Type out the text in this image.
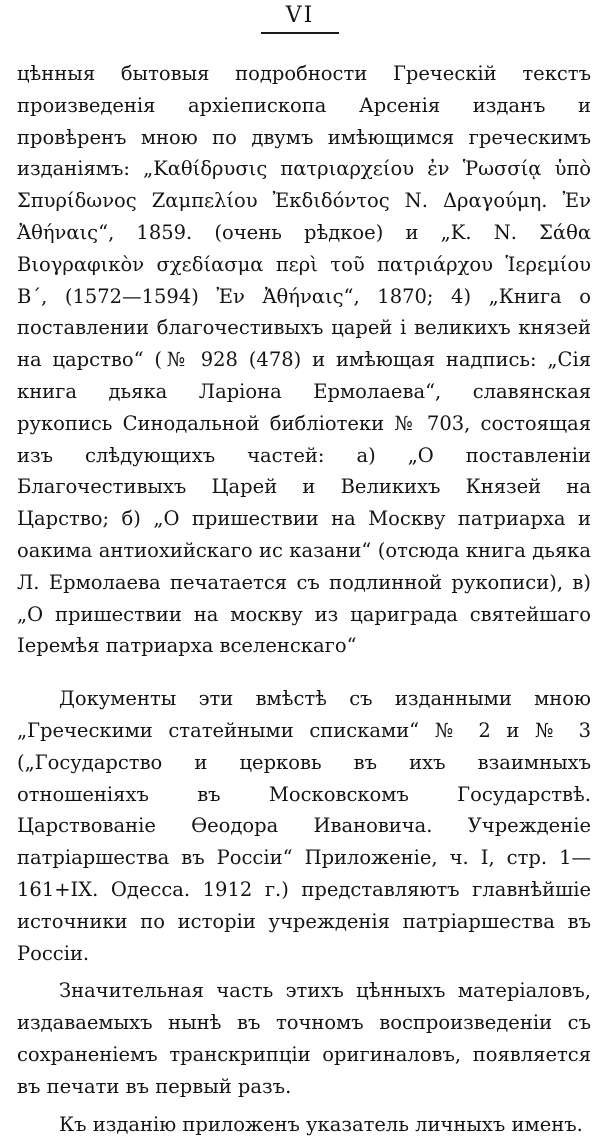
VI

цѣнныя бытовыя подробности Греческій текстъ произведенія архіепископа Арсенія изданъ и провѣренъ мною по двумъ имѣющимся греческимъ изданіямъ: „Καθίδρυσις πατριαρχείου ἐν Ῥωσσίᾳ ὑπὸ Σπυρίδωνος Ζαμπελίου Ἐκδιδόντος Ν. Δραγούμη. Ἐν Ἀθήναις“, 1859. (очень рѣдкое) и „Κ. Ν. Σάθα Βιογραφικὸν σχεδίασμα περὶ τοῦ πατριάρχου Ἱερεμίου Β΄, (1572—1594) Ἐν Ἀθήναις“, 1870; 4) „Книга о поставлении благочестивыхъ царей і великихъ князей на царство“ (№ 928 (478) и имѣющая надпись: „Сія книга дьяка Ларіона Ермолаева“, славянская рукопись Синодальной библіотеки № 703, состоящая изъ слѣдующихъ частей: а) „О поставленіи Благочестивыхъ Царей и Великихъ Князей на Царство; б) „О пришествии на Москву патриарха и оакима антиохийскаго ис казани“ (отсюда книга дьяка Л. Ермолаева печатается съ подлинной рукописи), в) „О пришествии на москву из цариграда святейшаго Іеремѣя патриарха вселенскаго“

Документы эти вмѣстѣ съ изданными мною „Греческими статейными списками“ № 2 и № 3 („Государство и церковь въ ихъ взаимныхъ отношеніяхъ въ Московскомъ Государствѣ. Царствованіе Ѳеодора Ивановича. Учрежденіе патріаршества въ Россіи“ Приложеніе, ч. I, стр. 1—161+IX. Одесса. 1912 г.) представляютъ главнѣйшіе источники по исторіи учрежденія патріаршества въ Россіи.

Значительная часть этихъ цѣнныхъ матеріаловъ, издаваемыхъ нынѣ въ точномъ воспроизведеніи съ сохраненіемъ транскрипціи оригиналовъ, появляется въ печати въ первый разъ.

Къ изданію приложенъ указатель личныхъ именъ.
